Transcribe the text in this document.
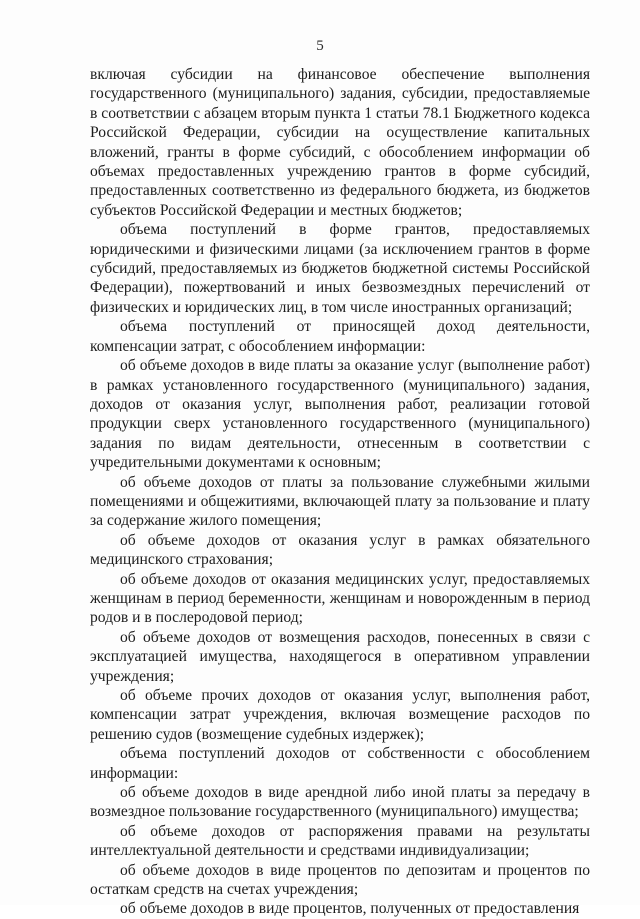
5

включая субсидии на финансовое обеспечение выполнения государственного (муниципального) задания, субсидии, предоставляемые в соответствии с абзацем вторым пункта 1 статьи 78.1 Бюджетного кодекса Российской Федерации, субсидии на осуществление капитальных вложений, гранты в форме субсидий, с обособлением информации об объемах предоставленных учреждению грантов в форме субсидий, предоставленных соответственно из федерального бюджета, из бюджетов субъектов Российской Федерации и местных бюджетов;

объема поступлений в форме грантов, предоставляемых юридическими и физическими лицами (за исключением грантов в форме субсидий, предоставляемых из бюджетов бюджетной системы Российской Федерации), пожертвований и иных безвозмездных перечислений от физических и юридических лиц, в том числе иностранных организаций;

объема поступлений от приносящей доход деятельности, компенсации затрат, с обособлением информации:

об объеме доходов в виде платы за оказание услуг (выполнение работ) в рамках установленного государственного (муниципального) задания, доходов от оказания услуг, выполнения работ, реализации готовой продукции сверх установленного государственного (муниципального) задания по видам деятельности, отнесенным в соответствии с учредительными документами к основным;

об объеме доходов от платы за пользование служебными жилыми помещениями и общежитиями, включающей плату за пользование и плату за содержание жилого помещения;

об объеме доходов от оказания услуг в рамках обязательного медицинского страхования;

об объеме доходов от оказания медицинских услуг, предоставляемых женщинам в период беременности, женщинам и новорожденным в период родов и в послеродовой период;

об объеме доходов от возмещения расходов, понесенных в связи с эксплуатацией имущества, находящегося в оперативном управлении учреждения;

об объеме прочих доходов от оказания услуг, выполнения работ, компенсации затрат учреждения, включая возмещение расходов по решению судов (возмещение судебных издержек);

объема поступлений доходов от собственности с обособлением информации:

об объеме доходов в виде арендной либо иной платы за передачу в возмездное пользование государственного (муниципального) имущества;

об объеме доходов от распоряжения правами на результаты интеллектуальной деятельности и средствами индивидуализации;

об объеме доходов в виде процентов по депозитам и процентов по остаткам средств на счетах учреждения;

об объеме доходов в виде процентов, полученных от предоставления
